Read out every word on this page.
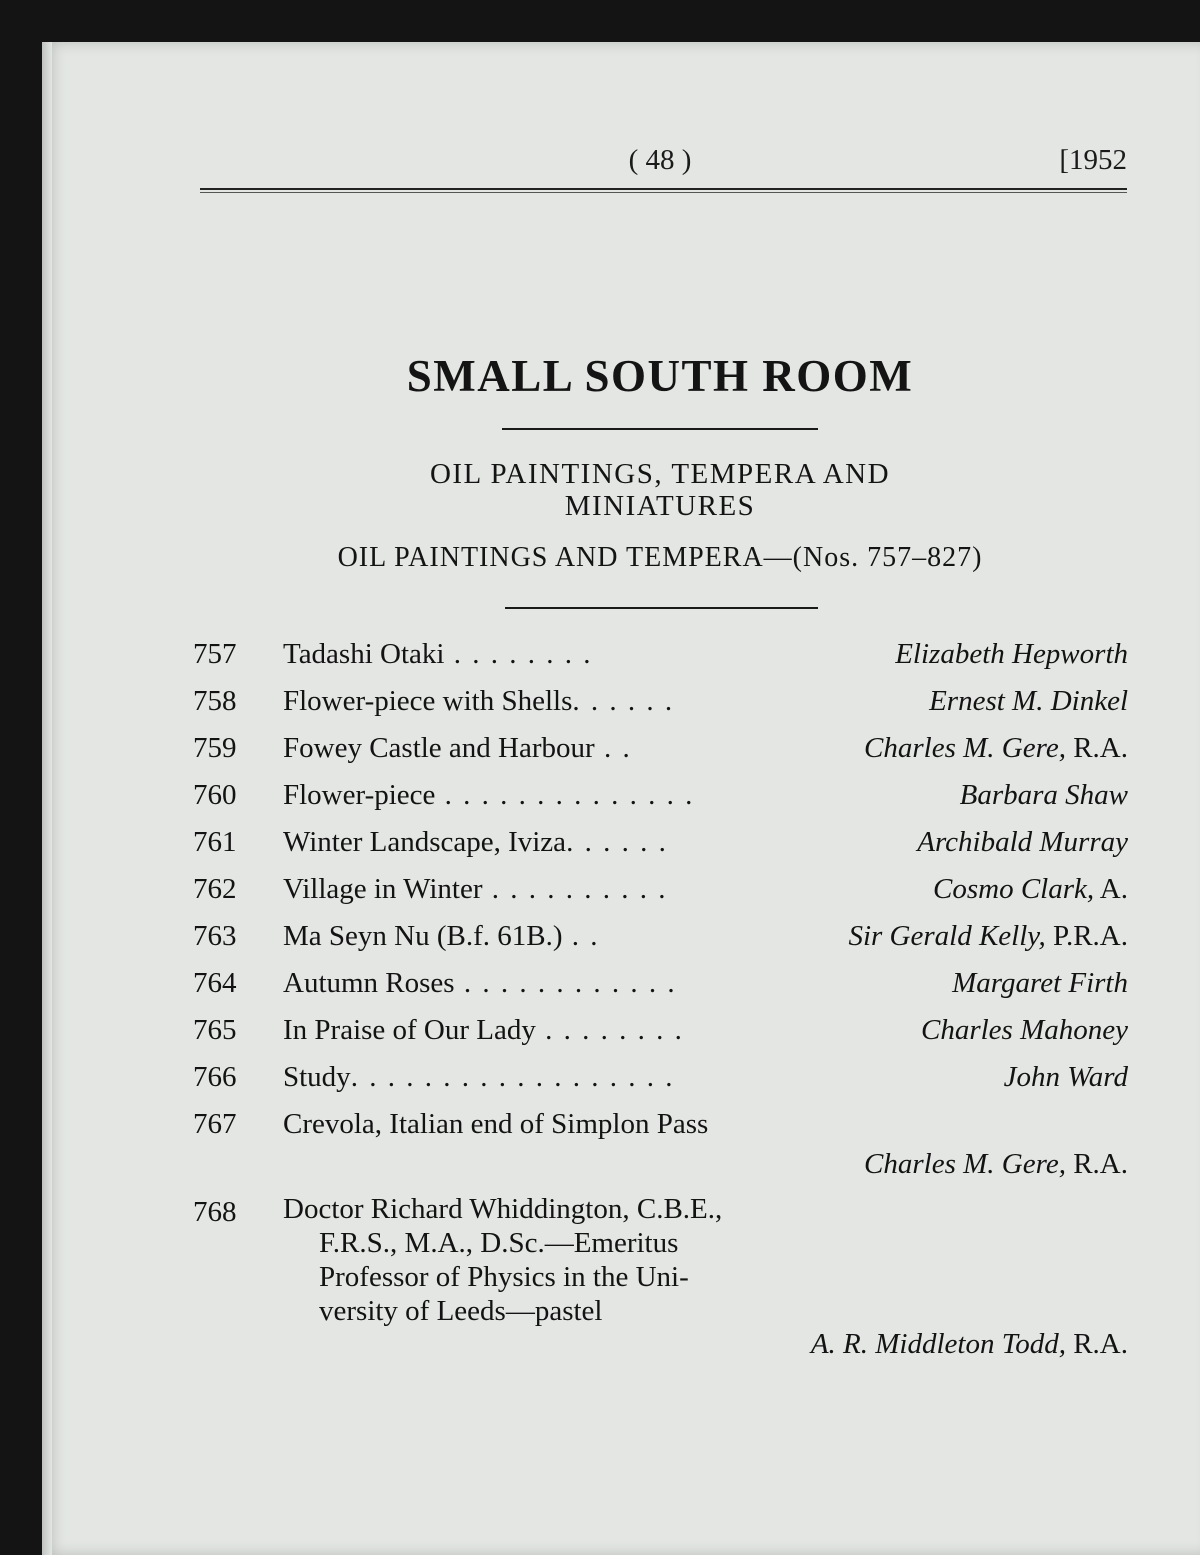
( 48 )	[1952
SMALL SOUTH ROOM
OIL PAINTINGS, TEMPERA AND
MINIATURES
OIL PAINTINGS AND TEMPERA—(Nos. 757–827)
757	Tadashi Otaki . . . . . . . .	Elizabeth Hepworth
758	Flower-piece with Shells. . . . . .	Ernest M. Dinkel
759	Fowey Castle and Harbour . .	Charles M. Gere, R.A.
760	Flower-piece . . . . . . . . . . . . . .	Barbara Shaw
761	Winter Landscape, Iviza. . . . . .	Archibald Murray
762	Village in Winter . . . . . . . . . .	Cosmo Clark, A.
763	Ma Seyn Nu (B.f. 61B.) . .	Sir Gerald Kelly, P.R.A.
764	Autumn Roses . . . . . . . . . . . .	Margaret Firth
765	In Praise of Our Lady . . . . . . . .	Charles Mahoney
766	Study. . . . . . . . . . . . . . . . . .	John Ward
767	Crevola, Italian end of Simplon Pass
Charles M. Gere, R.A.
768	Doctor Richard Whiddington, C.B.E.,
F.R.S., M.A., D.Sc.—Emeritus
Professor of Physics in the Uni-
versity of Leeds—pastel
A. R. Middleton Todd, R.A.
